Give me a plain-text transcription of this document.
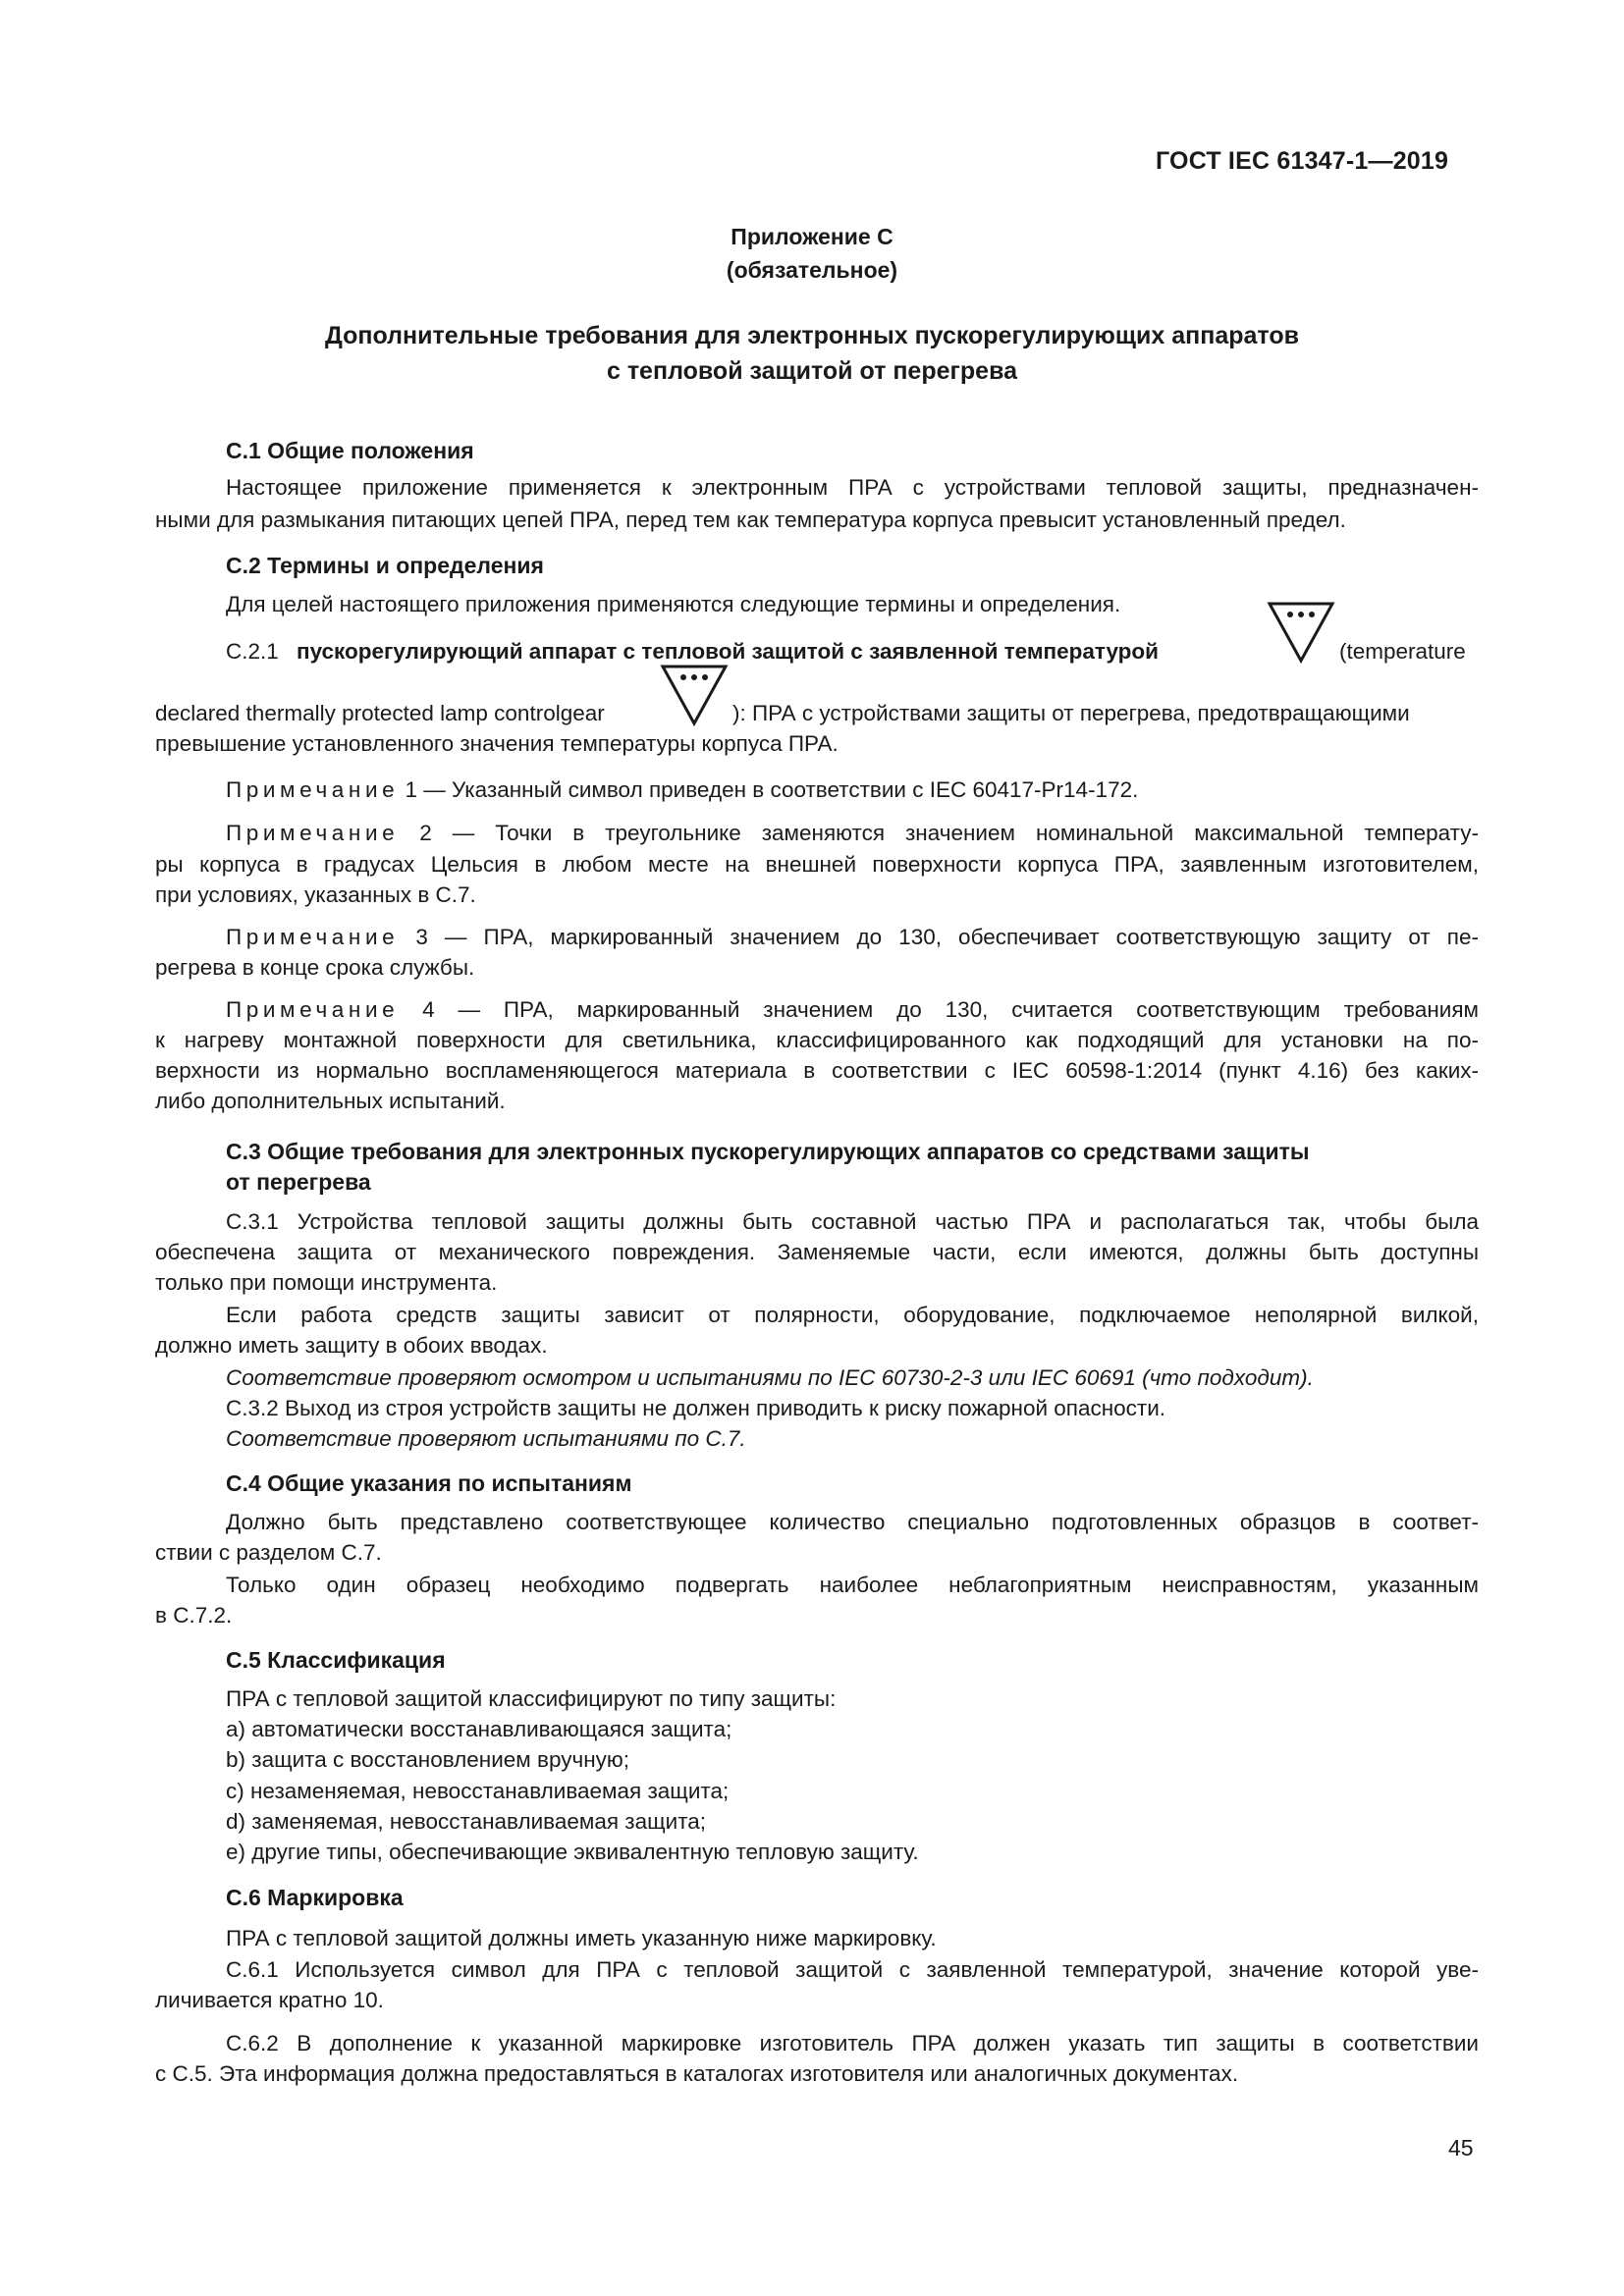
ГОСТ IEC 61347-1—2019

Приложение С

(обязательное)

Дополнительные требования для электронных пускорегулирующих аппаратов

с тепловой защитой от перегрева

С.1 Общие положения

Настоящее приложение применяется к электронным ПРА с устройствами тепловой защиты, предназначен-

ными для размыкания питающих цепей ПРА, перед тем как температура корпуса превысит установленный предел.

С.2 Термины и определения

Для целей настоящего приложения применяются следующие термины и определения.

С.2.1 пускорегулирующий аппарат с тепловой защитой с заявленной температурой	(temperature

declared thermally protected lamp controlgear	): ПРА с устройствами защиты от перегрева, предотвращающими

превышение установленного значения температуры корпуса ПРА.

Примечание 1 — Указанный символ приведен в соответствии с IEC 60417-Pr14-172.

Примечание 2 — Точки в треугольнике заменяются значением номинальной максимальной температу-

ры корпуса в градусах Цельсия в любом месте на внешней поверхности корпуса ПРА, заявленным изготовителем,

при условиях, указанных в С.7.

Примечание 3 — ПРА, маркированный значением до 130, обеспечивает соответствующую защиту от пе-

регрева в конце срока службы.

Примечание 4 — ПРА, маркированный значением до 130, считается соответствующим требованиям

к нагреву монтажной поверхности для светильника, классифицированного как подходящий для установки на по-

верхности из нормально воспламеняющегося материала в соответствии с IEC 60598-1:2014 (пункт 4.16) без каких-

либо дополнительных испытаний.

С.3 Общие требования для электронных пускорегулирующих аппаратов со средствами защиты

от перегрева

С.3.1 Устройства тепловой защиты должны быть составной частью ПРА и располагаться так, чтобы была

обеспечена защита от механического повреждения. Заменяемые части, если имеются, должны быть доступны

только при помощи инструмента.

Если работа средств защиты зависит от полярности, оборудование, подключаемое неполярной вилкой,

должно иметь защиту в обоих вводах.

Соответствие проверяют осмотром и испытаниями по IEC 60730-2-3 или IEC 60691 (что подходит).

С.3.2 Выход из строя устройств защиты не должен приводить к риску пожарной опасности.

Соответствие проверяют испытаниями по С.7.

С.4 Общие указания по испытаниям

Должно быть представлено соответствующее количество специально подготовленных образцов в соответ-

ствии с разделом С.7.

Только один образец необходимо подвергать наиболее неблагоприятным неисправностям, указанным

в С.7.2.

С.5 Классификация

ПРА с тепловой защитой классифицируют по типу защиты:

а) автоматически восстанавливающаяся защита;

b) защита с восстановлением вручную;

c) незаменяемая, невосстанавливаемая защита;

d) заменяемая, невосстанавливаемая защита;

e) другие типы, обеспечивающие эквивалентную тепловую защиту.

С.6 Маркировка

ПРА с тепловой защитой должны иметь указанную ниже маркировку.

С.6.1 Используется символ для ПРА с тепловой защитой с заявленной температурой, значение которой уве-

личивается кратно 10.

С.6.2 В дополнение к указанной маркировке изготовитель ПРА должен указать тип защиты в соответствии

с С.5. Эта информация должна предоставляться в каталогах изготовителя или аналогичных документах.

45
